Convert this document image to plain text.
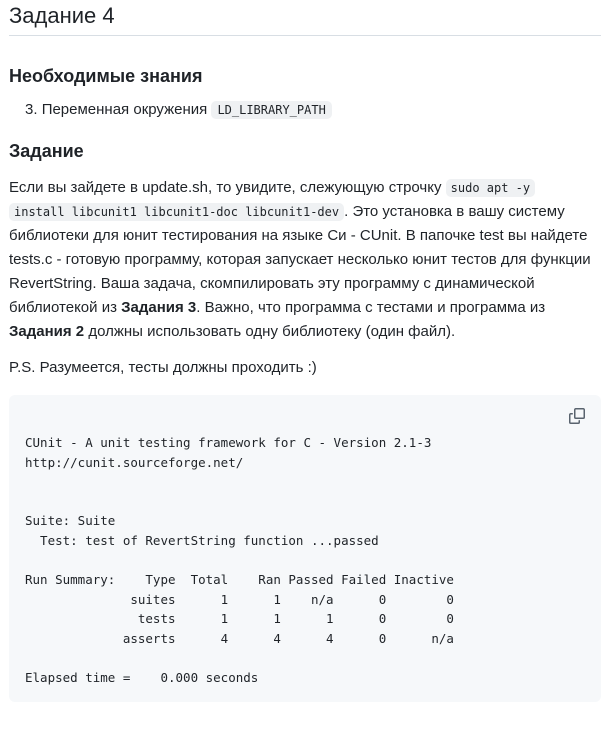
Задание 4
Необходимые знания
3. Переменная окружения LD_LIBRARY_PATH
Задание

Если вы зайдете в update.sh, то увидите, слежующую строчку sudo apt -y
install libcunit1 libcunit1-doc libcunit1-dev . Это установка в вашу систему библиотеки для юнит тестирования на языке Си - CUnit. В папочке test вы найдете tests.c - готовую программу, которая запускает несколько юнит тестов для функции RevertString. Ваша задача, скомпилировать эту программу с динамической библиотекой из Задания 3. Важно, что программа с тестами и программа из Задания 2 должны использовать одну библиотеку (один файл).

P.S. Разумеется, тесты должны проходить :)

CUnit - A unit testing framework for C - Version 2.1-3
http://cunit.sourceforge.net/

Suite: Suite
Test: test of RevertString function ...passed

Run Summary:    Type  Total    Ran Passed Failed Inactive
suites      1      1    n/a      0        0
tests      1      1      1      0        0
asserts      4      4      4      0      n/a

Elapsed time =    0.000 seconds
